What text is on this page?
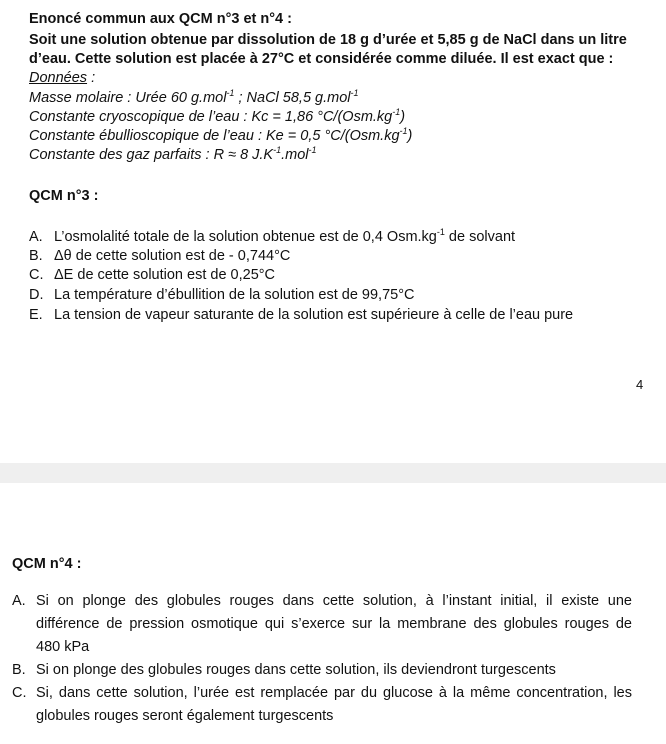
Enoncé commun aux QCM n°3 et n°4 :
Soit une solution obtenue par dissolution de 18 g d’urée et 5,85 g de NaCl dans un litre
d’eau. Cette solution est placée à 27°C et considérée comme diluée. Il est exact que :
Données :
Masse molaire : Urée 60 g.mol$^{-1}$ ; NaCl 58,5 g.mol$^{-1}$
Constante cryoscopique de l’eau : Kc = 1,86 $^\circ C/(Osm.kg^{-1})$
Constante ébullioscopique de l’eau : Ke = 0,5 $^\circ C/(Osm.kg^{-1})$
Constante des gaz parfaits : R ≈ 8 $J.K^{-1}.mol^{-1}$
QCM n°3 :
A. L’osmolalité totale de la solution obtenue est de 0,4 $Osm.kg^{-1}$ de solvant
B. Δθ de cette solution est de - 0,744°C
C. ΔE de cette solution est de 0,25°C
D. La température d’ébullition de la solution est de 99,75°C
E. La tension de vapeur saturante de la solution est supérieure à celle de l’eau pure
4
QCM n°4 :
A. Si on plonge des globules rouges dans cette solution, à l’instant initial, il existe une
différence de pression osmotique qui s’exerce sur la membrane des globules rouges de
480 kPa
B. Si on plonge des globules rouges dans cette solution, ils deviendront turgescents
C. Si, dans cette solution, l’urée est remplacée par du glucose à la même concentration, les
globules rouges seront également turgescents
